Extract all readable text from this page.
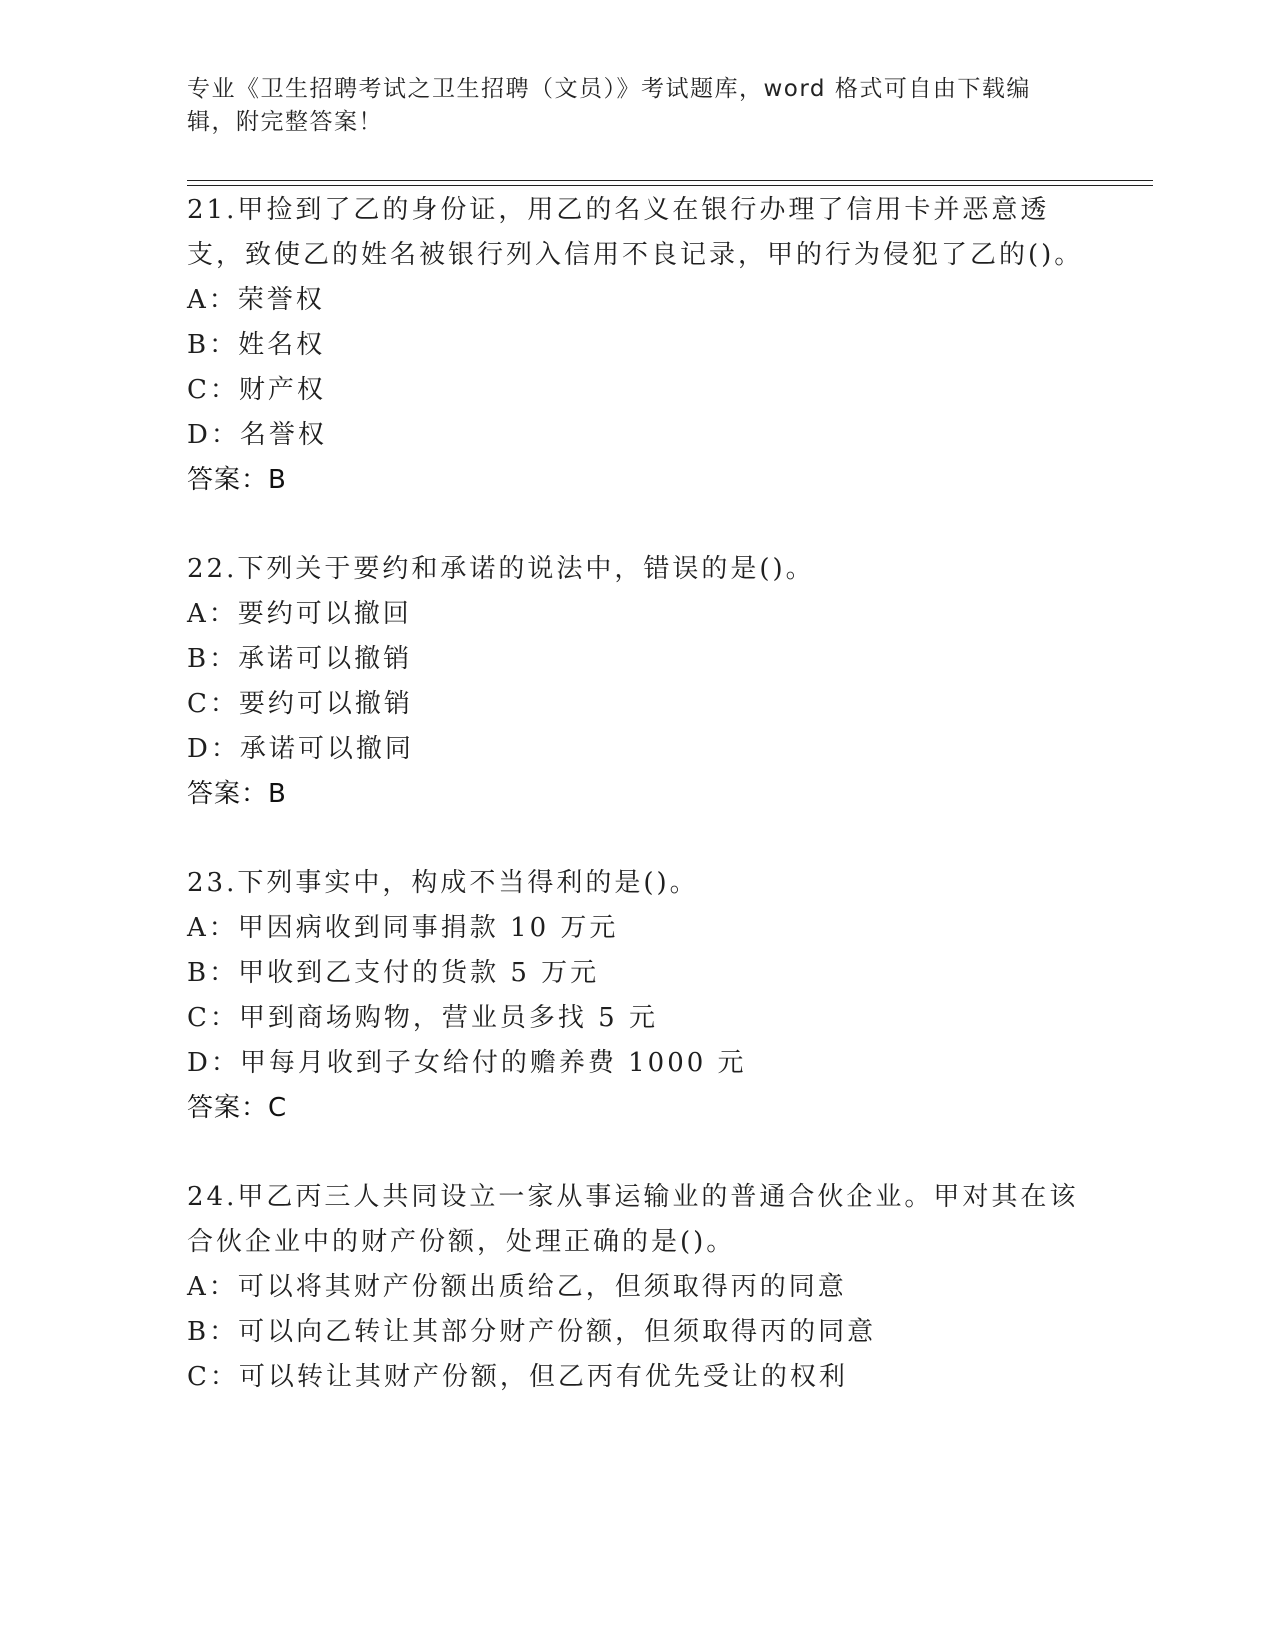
专业《卫生招聘考试之卫生招聘（文员）》考试题库，word 格式可自由下载编辑，附完整答案！

21.甲捡到了乙的身份证，用乙的名义在银行办理了信用卡并恶意透支，致使乙的姓名被银行列入信用不良记录，甲的行为侵犯了乙的()。

A：荣誉权
B：姓名权
C：财产权
D：名誉权
答案：B

22.下列关于要约和承诺的说法中，错误的是()。

A：要约可以撤回
B：承诺可以撤销
C：要约可以撤销
D：承诺可以撤同
答案：B

23.下列事实中，构成不当得利的是()。

A：甲因病收到同事捐款 10 万元
B：甲收到乙支付的货款 5 万元
C：甲到商场购物，营业员多找 5 元
D：甲每月收到子女给付的赡养费 1000 元
答案：C

24.甲乙丙三人共同设立一家从事运输业的普通合伙企业。甲对其在该合伙企业中的财产份额，处理正确的是()。

A：可以将其财产份额出质给乙，但须取得丙的同意
B：可以向乙转让其部分财产份额，但须取得丙的同意
C：可以转让其财产份额，但乙丙有优先受让的权利
